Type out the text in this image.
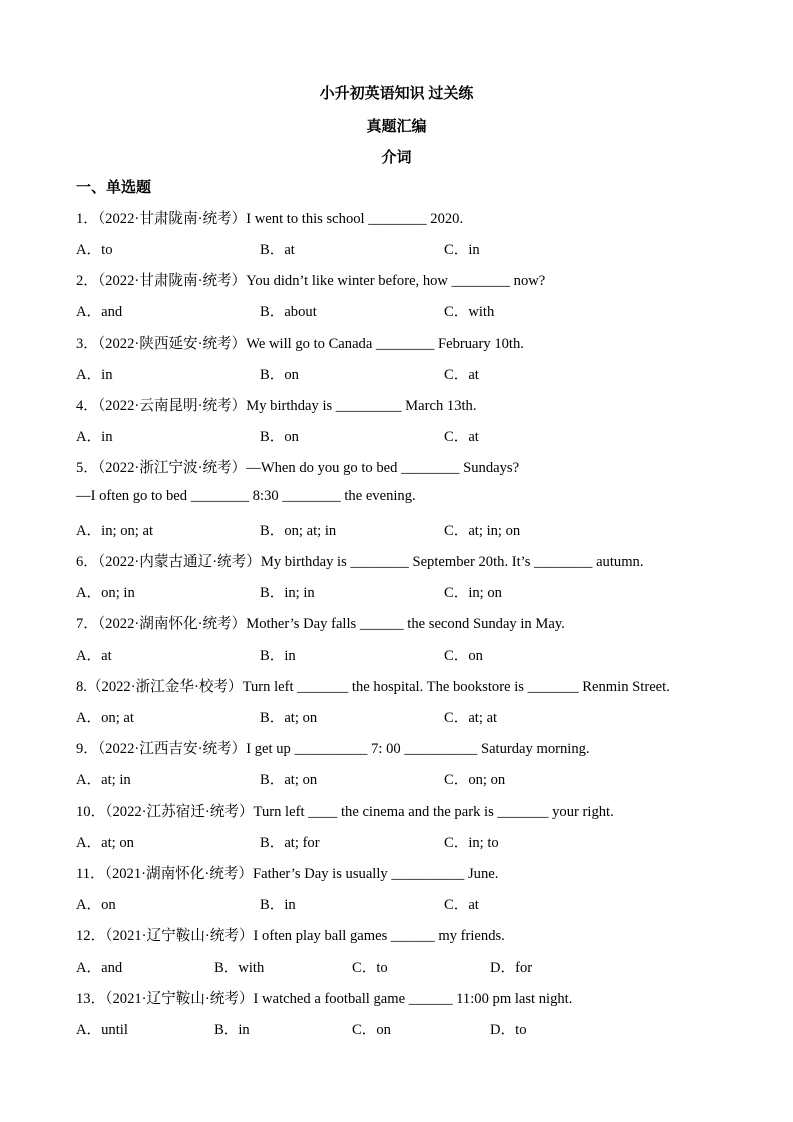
小升初英语知识 过关练
真题汇编
介词
一、单选题
1．（2022·甘肃陇南·统考）I went to this school ________ 2020.
A．to	B．at	C．in
2．（2022·甘肃陇南·统考）You didn’t like winter before, how ________ now?
A．and	B．about	C．with
3．（2022·陕西延安·统考）We will go to Canada ________ February 10th.
A．in	B．on	C．at
4．（2022·云南昆明·统考）My birthday is _________ March 13th.
A．in	B．on	C．at
5．（2022·浙江宁波·统考）—When do you go to bed ________ Sundays?
—I often go to bed ________ 8:30 ________ the evening.
A．in; on; at	B．on; at; in	C．at; in; on
6．（2022·内蒙古通辽·统考）My birthday is ________ September 20th. It’s ________ autumn.
A．on; in	B．in; in	C．in; on
7．（2022·湖南怀化·统考）Mother’s Day falls ______ the second Sunday in May.
A．at	B．in	C．on
8.（2022·浙江金华·校考）Turn left _______ the hospital. The bookstore is _______ Renmin Street.
A．on; at	B．at; on	C．at; at
9．（2022·江西吉安·统考）I get up __________ 7: 00 __________ Saturday morning.
A．at; in	B．at; on	C．on; on
10．（2022·江苏宿迁·统考）Turn left ____ the cinema and the park is _______ your right.
A．at; on	B．at; for	C．in; to
11．（2021·湖南怀化·统考）Father’s Day is usually __________ June.
A．on	B．in	C．at
12．（2021·辽宁鞍山·统考）I often play ball games ______ my friends.
A．and	B．with	C．to	D．for
13．（2021·辽宁鞍山·统考）I watched a football game ______ 11:00 pm last night.
A．until	B．in	C．on	D．to
